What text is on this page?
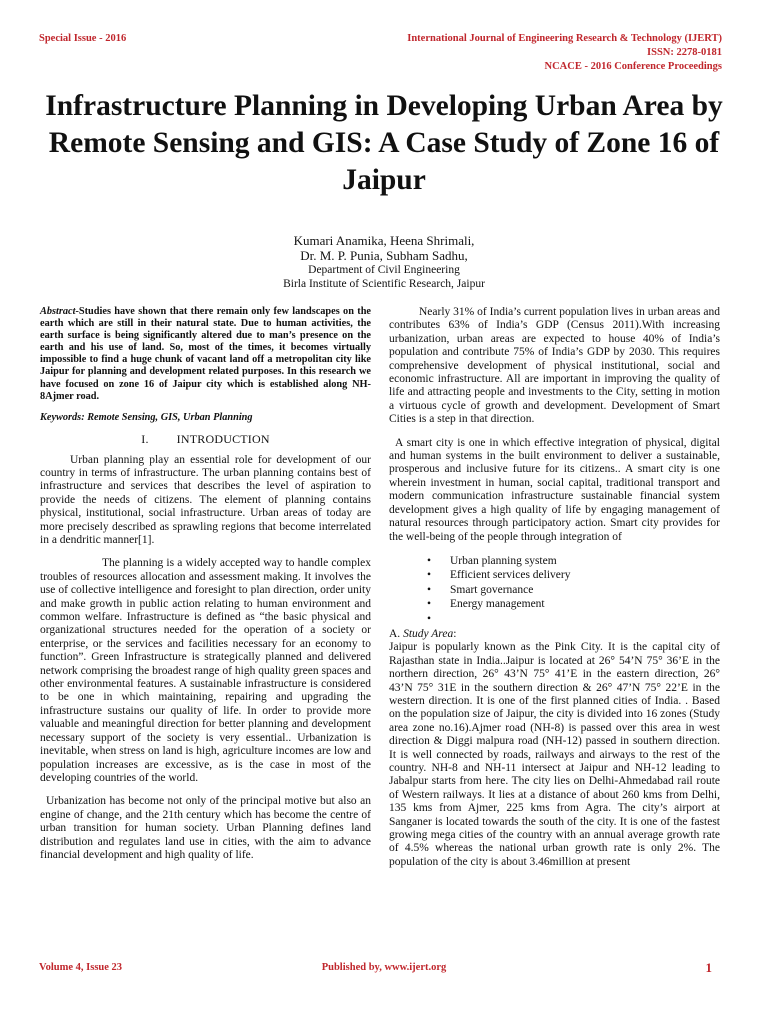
Special Issue - 2016	International Journal of Engineering Research & Technology (IJERT)
ISSN: 2278-0181
NCACE - 2016 Conference Proceedings
Infrastructure Planning in Developing Urban Area by Remote Sensing and GIS: A Case Study of Zone 16 of Jaipur
Kumari Anamika, Heena Shrimali,
Dr. M. P. Punia, Subham Sadhu,
Department of Civil Engineering
Birla Institute of Scientific Research, Jaipur

Abstract-Studies have shown that there remain only few landscapes on the earth which are still in their natural state. Due to human activities, the earth surface is being significantly altered due to man’s presence on the earth and his use of land. So, most of the times, it becomes virtually impossible to find a huge chunk of vacant land off a metropolitan city like Jaipur for planning and development related purposes. In this research we have focused on zone 16 of Jaipur city which is established along NH-8Ajmer road.

Keywords: Remote Sensing, GIS, Urban Planning

I. INTRODUCTION

Urban planning play an essential role for development of our country in terms of infrastructure. The urban planning contains best of infrastructure and services that describes the level of aspiration to provide the needs of citizens. The element of planning contains physical, institutional, social infrastructure. Urban areas of today are more precisely described as sprawling regions that become interrelated in a dendritic manner[1].

The planning is a widely accepted way to handle complex troubles of resources allocation and assessment making. It involves the use of collective intelligence and foresight to plan direction, order unity and make growth in public action relating to human environment and common welfare. Infrastructure is defined as “the basic physical and organizational structures needed for the operation of a society or enterprise, or the services and facilities necessary for an economy to function”. Green Infrastructure is strategically planned and delivered network comprising the broadest range of high quality green spaces and other environmental features. A sustainable infrastructure is considered to be one in which maintaining, repairing and upgrading the infrastructure sustains our quality of life. In order to provide more valuable and meaningful direction for better planning and development necessary support of the society is very essential.. Urbanization is inevitable, when stress on land is high, agriculture incomes are low and population increases are excessive, as is the case in most of the developing countries of the world.

Urbanization has become not only of the principal motive but also an engine of change, and the 21th century which has become the centre of urban transition for human society. Urban Planning defines land distribution and regulates land use in cities, with the aim to advance financial development and high quality of life.

Nearly 31% of India’s current population lives in urban areas and contributes 63% of India’s GDP (Census 2011).With increasing urbanization, urban areas are expected to house 40% of India’s population and contribute 75% of India’s GDP by 2030. This requires comprehensive development of physical institutional, social and economic infrastructure. All are important in improving the quality of life and attracting people and investments to the City, setting in motion a virtuous cycle of growth and development. Development of Smart Cities is a step in that direction.

A smart city is one in which effective integration of physical, digital and human systems in the built environment to deliver a sustainable, prosperous and inclusive future for its citizens.. A smart city is one wherein investment in human, social capital, traditional transport and modern communication infrastructure sustainable financial system development gives a high quality of life by engaging management of natural resources through participatory action. Smart city provides for the well-being of the people through integration of

• Urban planning system
• Efficient services delivery
• Smart governance
• Energy management
•

A. Study Area:

Jaipur is popularly known as the Pink City. It is the capital city of Rajasthan state in India..Jaipur is located at 26° 54’N 75° 36’E in the northern direction, 26° 43’N 75° 41’E in the eastern direction, 26° 43’N 75° 31E in the southern direction & 26° 47’N 75° 22’E in the western direction. It is one of the first planned cities of India. . Based on the population size of Jaipur, the city is divided into 16 zones (Study area zone no.16).Ajmer road (NH-8) is passed over this area in west direction & Diggi malpura road (NH-12) passed in southern direction. It is well connected by roads, railways and airways to the rest of the country. NH-8 and NH-11 intersect at Jaipur and NH-12 leading to Jabalpur starts from here. The city lies on Delhi-Ahmedabad rail route of Western railways. It lies at a distance of about 260 kms from Delhi, 135 kms from Ajmer, 225 kms from Agra. The city’s airport at Sanganer is located towards the south of the city. It is one of the fastest growing mega cities of the country with an annual average growth rate of 4.5% whereas the national urban growth rate is only 2%. The population of the city is about 3.46million at present

Volume 4, Issue 23	Published by, www.ijert.org	1
